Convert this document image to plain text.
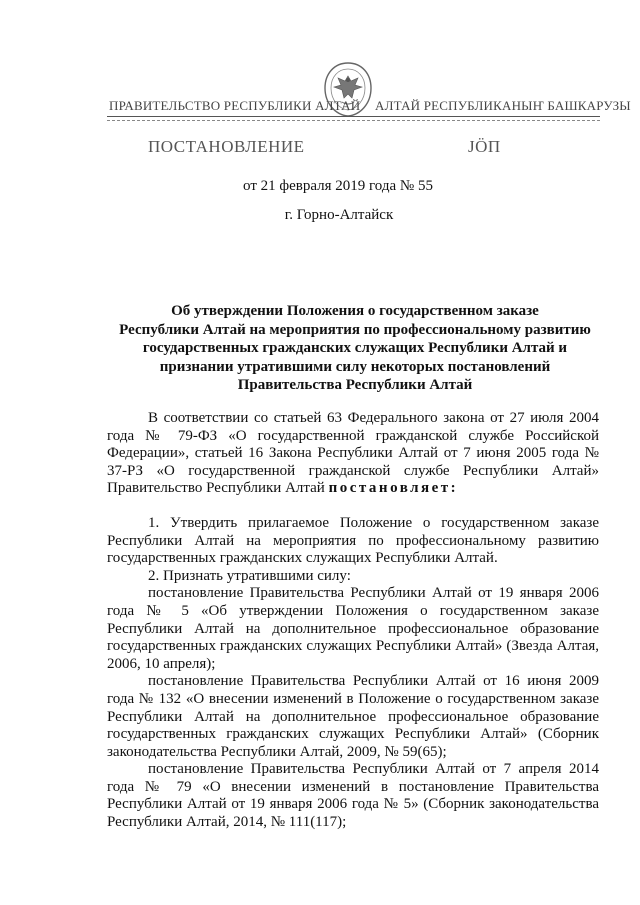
ПРАВИТЕЛЬСТВО РЕСПУБЛИКИ АЛТАЙ АЛТАЙ РЕСПУБЛИКАНЫҤ БАШКАРУЗЫ
ПОСТАНОВЛЕНИЕ	ЈӦП
от 21 февраля 2019 года № 55
г. Горно-Алтайск
Об утверждении Положения о государственном заказе
Республики Алтай на мероприятия по профессиональному развитию
государственных гражданских служащих Республики Алтай и
признании утратившими силу некоторых постановлений
Правительства Республики Алтай

В соответствии со статьей 63 Федерального закона от 27 июля 2004 года № 79-ФЗ «О государственной гражданской службе Российской Федерации», статьей 16 Закона Республики Алтай от 7 июня 2005 года № 37-РЗ «О государственной гражданской службе Республики Алтай» Правительство Республики Алтай постановляет:

1. Утвердить прилагаемое Положение о государственном заказе Республики Алтай на мероприятия по профессиональному развитию государственных гражданских служащих Республики Алтай.

2. Признать утратившими силу:

постановление Правительства Республики Алтай от 19 января 2006 года № 5 «Об утверждении Положения о государственном заказе Республики Алтай на дополнительное профессиональное образование государственных гражданских служащих Республики Алтай» (Звезда Алтая, 2006, 10 апреля);

постановление Правительства Республики Алтай от 16 июня 2009 года № 132 «О внесении изменений в Положение о государственном заказе Республики Алтай на дополнительное профессиональное образование государственных гражданских служащих Республики Алтай» (Сборник законодательства Республики Алтай, 2009, № 59(65);

постановление Правительства Республики Алтай от 7 апреля 2014 года № 79 «О внесении изменений в постановление Правительства Республики Алтай от 19 января 2006 года № 5» (Сборник законодательства Республики Алтай, 2014, № 111(117);
